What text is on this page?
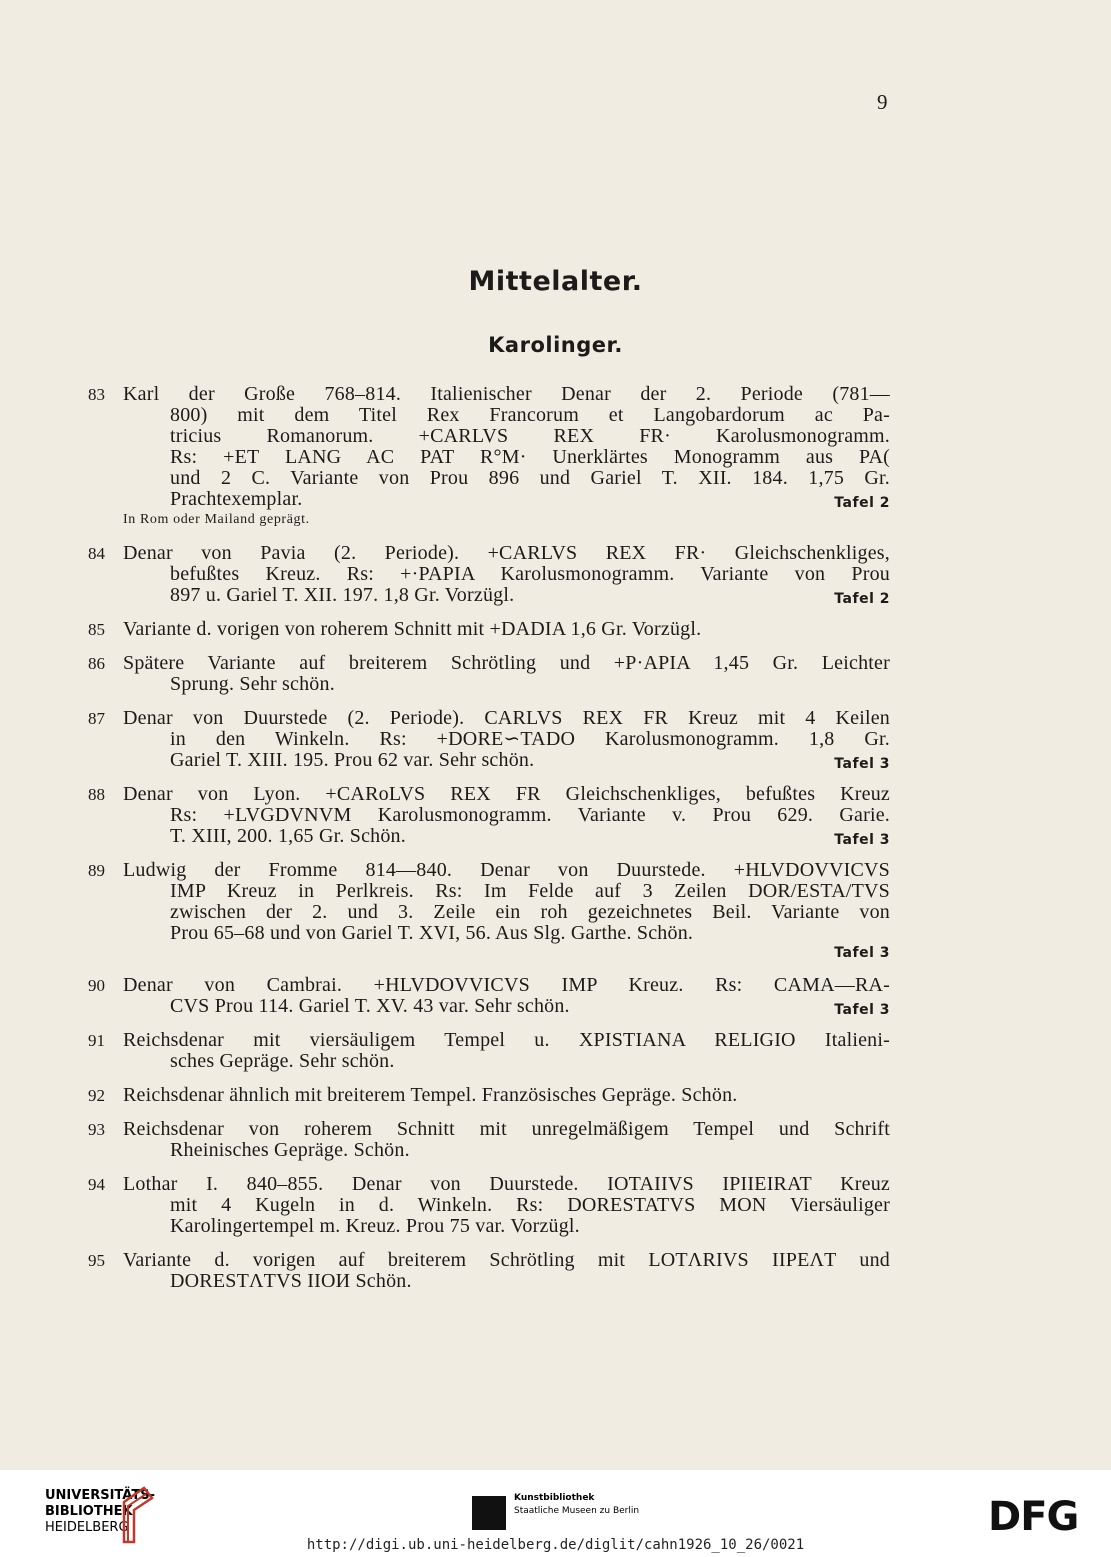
9
Mittelalter.
Karolinger.
83 Karl der Große 768–814. Italienischer Denar der 2. Periode (781—
800) mit dem Titel Rex Francorum et Langobardorum ac Pa-
tricius Romanorum. +CARLVS REX FR· Karolusmonogramm.
Rs: +ET LANG AC PAT R°M· Unerklärtes Monogramm aus PA(
und 2 C. Variante von Prou 896 und Gariel T. XII. 184. 1,75 Gr.
Prachtexemplar.	Tafel 2
In Rom oder Mailand geprägt.
84 Denar von Pavia (2. Periode). +CARLVS REX FR· Gleichschenkliges,
befußtes Kreuz. Rs: +·PAPIA Karolusmonogramm. Variante von Prou
897 u. Gariel T. XII. 197. 1,8 Gr. Vorzügl.	Tafel 2
85 Variante d. vorigen von roherem Schnitt mit +DADIA 1,6 Gr. Vorzügl.
86 Spätere Variante auf breiterem Schrötling und +P·APIA 1,45 Gr. Leichter
Sprung. Sehr schön.
87 Denar von Duurstede (2. Periode). CARLVS REX FR Kreuz mit 4 Keilen
in den Winkeln. Rs: +DORE∽TADO Karolusmonogramm. 1,8 Gr.
Gariel T. XIII. 195. Prou 62 var. Sehr schön.	Tafel 3
88 Denar von Lyon. +CARoLVS REX FR Gleichschenkliges, befußtes Kreuz
Rs: +LVGDVNVM Karolusmonogramm. Variante v. Prou 629. Garie.
T. XIII, 200. 1,65 Gr. Schön.	Tafel 3
89 Ludwig der Fromme 814—840. Denar von Duurstede. +HLVDOVVICVS
IMP Kreuz in Perlkreis. Rs: Im Felde auf 3 Zeilen DOR/ESTA/TVS
zwischen der 2. und 3. Zeile ein roh gezeichnetes Beil. Variante von
Prou 65–68 und von Gariel T. XVI, 56. Aus Slg. Garthe. Schön.
Tafel 3
90 Denar von Cambrai. +HLVDOVVICVS IMP Kreuz. Rs: CAMA—RA-
CVS Prou 114. Gariel T. XV. 43 var. Sehr schön.	Tafel 3
91 Reichsdenar mit viersäuligem Tempel u. XPISTIANA RELIGIO Italieni-
sches Gepräge. Sehr schön.
92 Reichsdenar ähnlich mit breiterem Tempel. Französisches Gepräge. Schön.
93 Reichsdenar von roherem Schnitt mit unregelmäßigem Tempel und Schrift
Rheinisches Gepräge. Schön.
94 Lothar I. 840–855. Denar von Duurstede. IOTAIIVS IPIIEIRAT Kreuz
mit 4 Kugeln in d. Winkeln. Rs: DORESTATVS MON Viersäuliger
Karolingertempel m. Kreuz. Prou 75 var. Vorzügl.
95 Variante d. vorigen auf breiterem Schrötling mit LOTΛRIVS IIPEΛT und
DORESTΛTVS IIOИ Schön.
UNIVERSITÄTS-
BIBLIOTHEK
HEIDELBERG
Kunstbibliothek
Staatliche Museen zu Berlin	DFG
http://digi.ub.uni-heidelberg.de/diglit/cahn1926_10_26/0021
